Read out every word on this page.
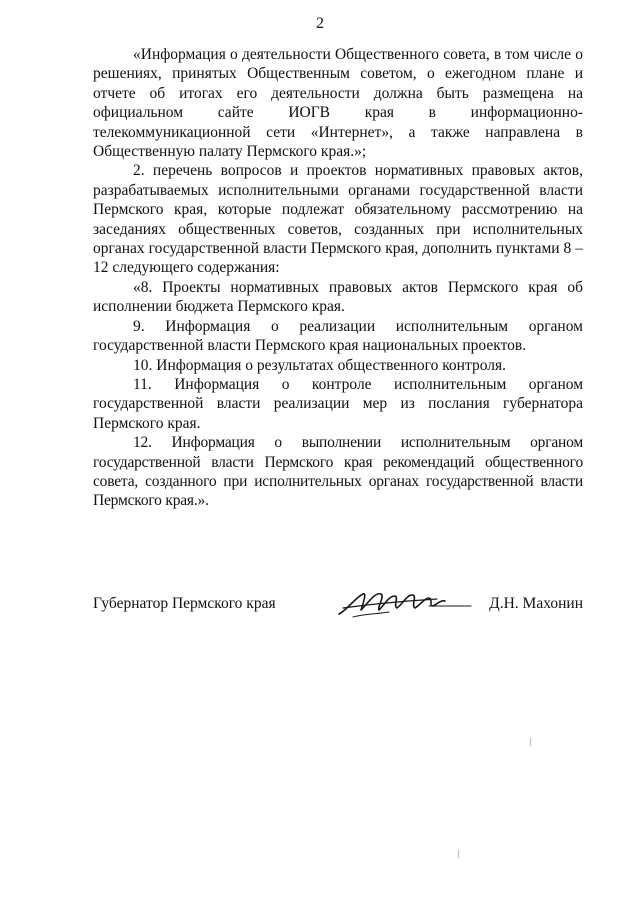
2

«Информация о деятельности Общественного совета, в том числе о решениях, принятых Общественным советом, о ежегодном плане и отчете об итогах его деятельности должна быть размещена на официальном сайте ИОГВ края в информационно-телекоммуникационной сети «Интернет», а также направлена в Общественную палату Пермского края.»;

2. перечень вопросов и проектов нормативных правовых актов, разрабатываемых исполнительными органами государственной власти Пермского края, которые подлежат обязательному рассмотрению на заседаниях общественных советов, созданных при исполнительных органах государственной власти Пермского края, дополнить пунктами 8 –12 следующего содержания:

«8. Проекты нормативных правовых актов Пермского края об исполнении бюджета Пермского края.

9. Информация о реализации исполнительным органом государственной власти Пермского края национальных проектов.

10. Информация о результатах общественного контроля.

11. Информация о контроле исполнительным органом государственной власти реализации мер из послания губернатора Пермского края.

12. Информация о выполнении исполнительным органом государственной власти Пермского края рекомендаций общественного совета, созданного при исполнительных органах государственной власти Пермского края.».

Губернатор Пермского края	Д.Н. Махонин
